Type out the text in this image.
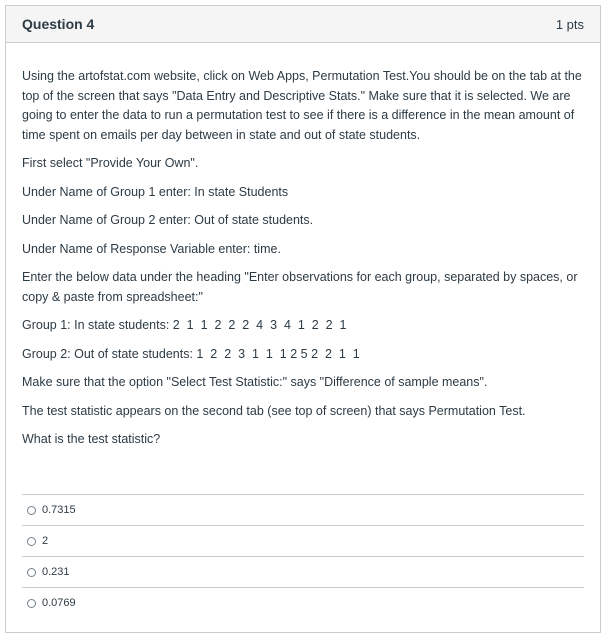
Question 4	1 pts

Using the artofstat.com website, click on Web Apps, Permutation Test.You should be on the tab at the top of the screen that says "Data Entry and Descriptive Stats." Make sure that it is selected. We are going to enter the data to run a permutation test to see if there is a difference in the mean amount of time spent on emails per day between in state and out of state students.

First select "Provide Your Own".

Under Name of Group 1 enter: In state Students

Under Name of Group 2 enter: Out of state students.

Under Name of Response Variable enter: time.

Enter the below data under the heading "Enter observations for each group, separated by spaces, or copy & paste from spreadsheet:"

Group 1: In state students: 2  1  1  2  2  2  4  3  4  1  2  2  1

Group 2: Out of state students: 1  2  2  3  1  1  1 2 5 2  2  1  1

Make sure that the option "Select Test Statistic:" says "Difference of sample means".

The test statistic appears on the second tab (see top of screen) that says Permutation Test.

What is the test statistic?

0.7315
2
0.231
0.0769
